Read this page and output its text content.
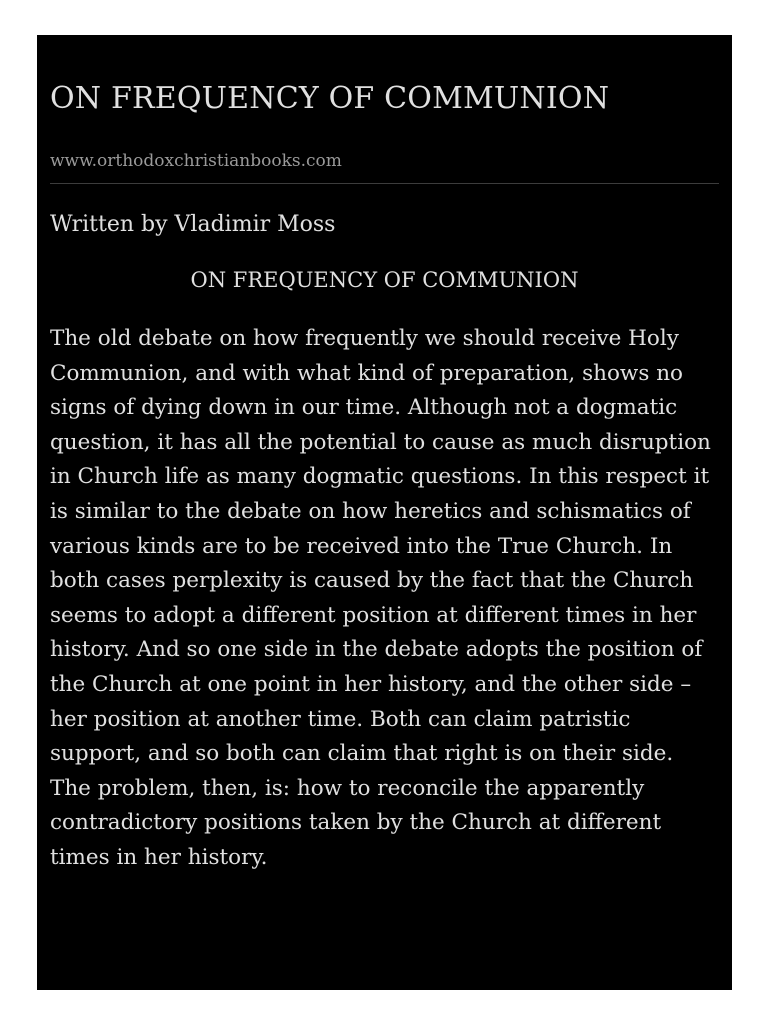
ON FREQUENCY OF COMMUNION
www.orthodoxchristianbooks.com
Written by Vladimir Moss
ON FREQUENCY OF COMMUNION
The old debate on how frequently we should receive Holy Communion, and with what kind of preparation, shows no signs of dying down in our time. Although not a dogmatic question, it has all the potential to cause as much disruption in Church life as many dogmatic questions. In this respect it is similar to the debate on how heretics and schismatics of various kinds are to be received into the True Church. In both cases perplexity is caused by the fact that the Church seems to adopt a different position at different times in her history. And so one side in the debate adopts the position of the Church at one point in her history, and the other side – her position at another time. Both can claim patristic support, and so both can claim that right is on their side. The problem, then, is: how to reconcile the apparently contradictory positions taken by the Church at different times in her history.
